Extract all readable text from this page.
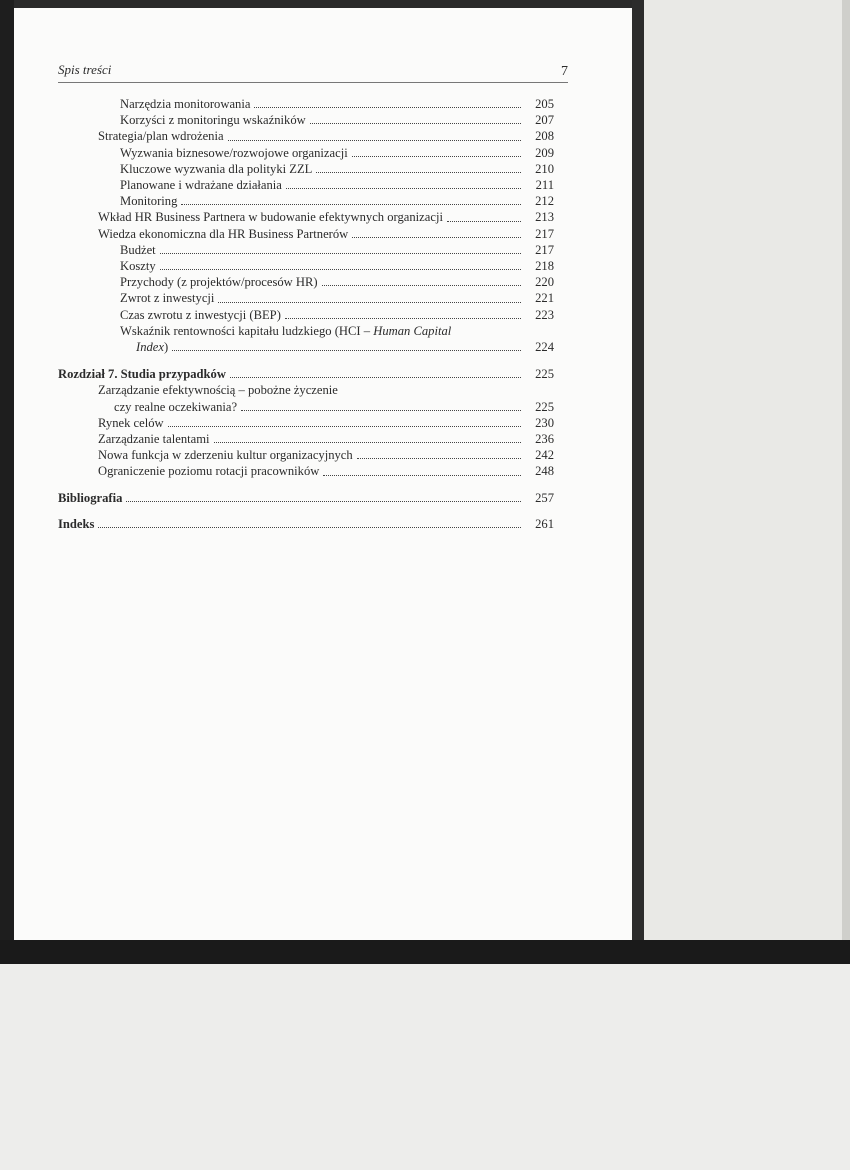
Spis treści	7
Narzędzia monitorowania	205
Korzyści z monitoringu wskaźników	207
Strategia/plan wdrożenia	208
Wyzwania biznesowe/rozwojowe organizacji	209
Kluczowe wyzwania dla polityki ZZL	210
Planowane i wdrażane działania	211
Monitoring	212
Wkład HR Business Partnera w budowanie efektywnych organizacji	213
Wiedza ekonomiczna dla HR Business Partnerów	217
Budżet	217
Koszty	218
Przychody (z projektów/procesów HR)	220
Zwrot z inwestycji	221
Czas zwrotu z inwestycji (BEP)	223
Wskaźnik rentowności kapitału ludzkiego (HCI – Human Capital
Index)	224
Rozdział 7. Studia przypadków	225
Zarządzanie efektywnością – pobożne życzenie
czy realne oczekiwania?	225
Rynek celów	230
Zarządzanie talentami	236
Nowa funkcja w zderzeniu kultur organizacyjnych	242
Ograniczenie poziomu rotacji pracowników	248
Bibliografia	257
Indeks	261
